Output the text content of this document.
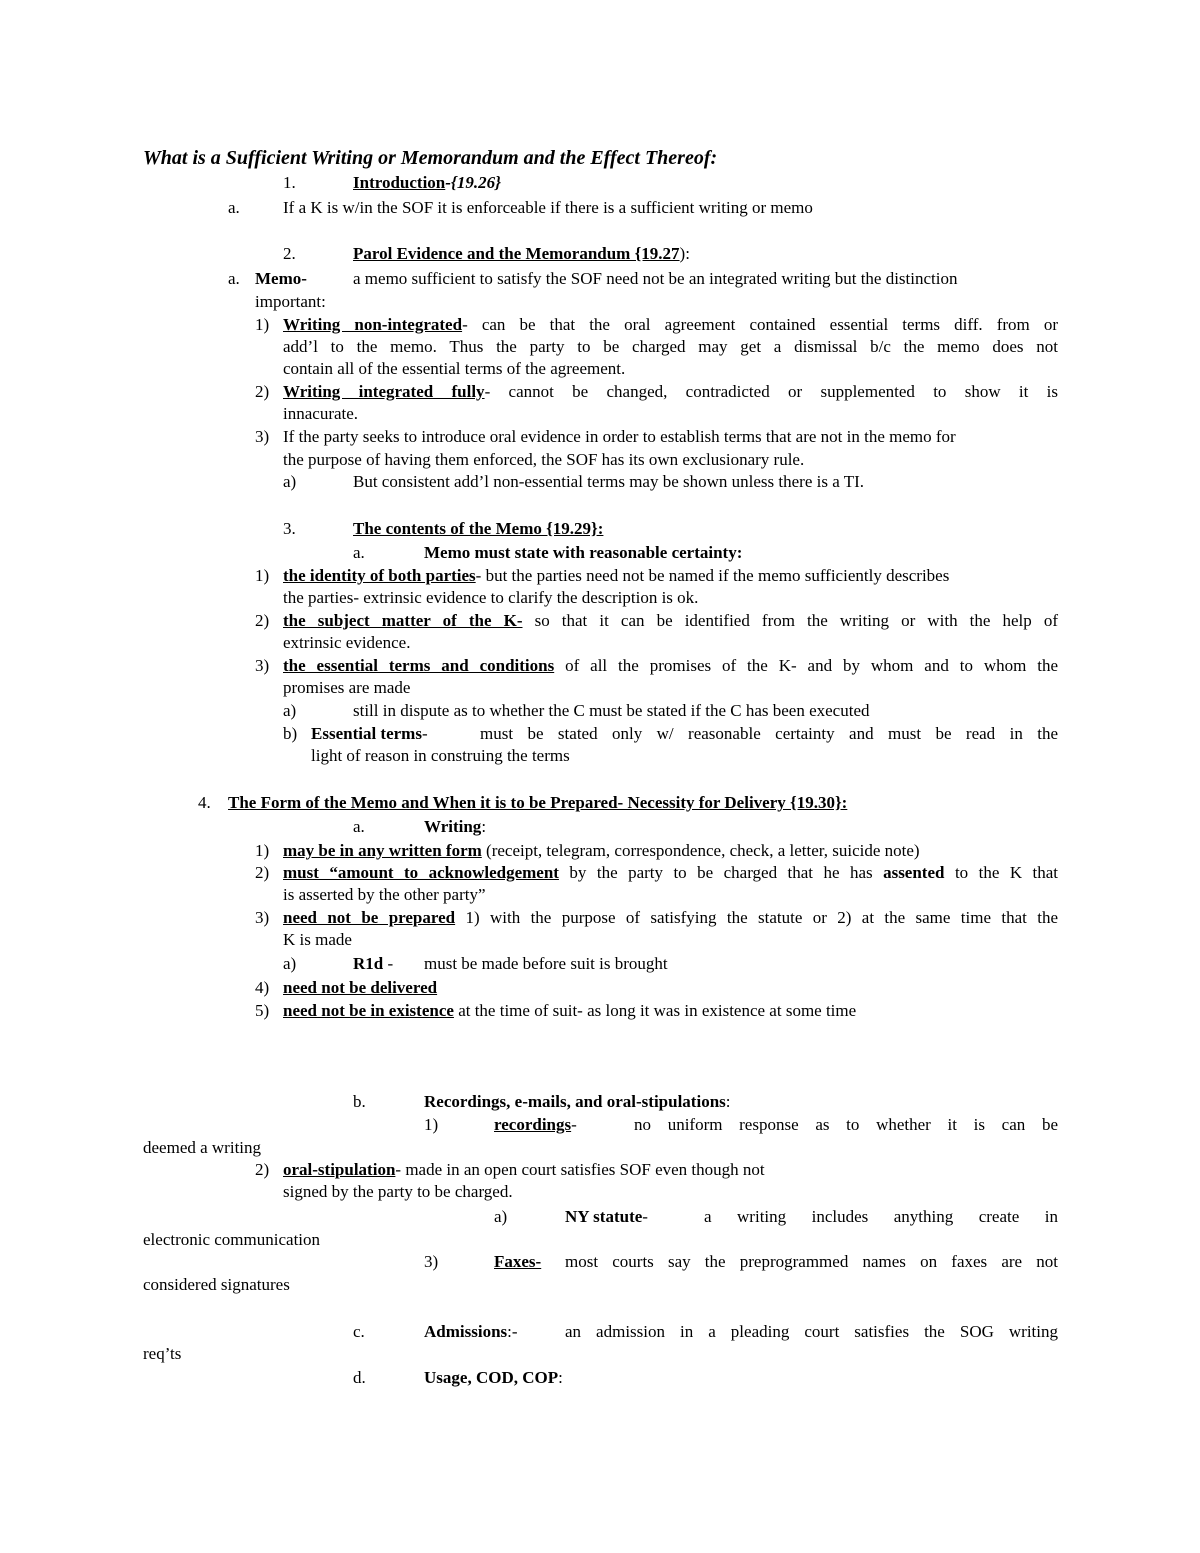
What is a Sufficient Writing or Memorandum and the Effect Thereof:
1.	Introduction-{19.26}
a.	If a K is w/in the SOF it is enforceable if there is a sufficient writing or memo
2.	Parol Evidence and the Memorandum {19.27):
a. Memo-	a memo sufficient to satisfy the SOF need not be an integrated writing but the distinction
important:
1) Writing non-integrated- can be that the oral agreement contained essential terms diff. from or
add’l to the memo. Thus the party to be charged may get a dismissal b/c the memo does not
contain all of the essential terms of the agreement.
2) Writing integrated fully- cannot be changed, contradicted or supplemented to show it is
innacurate.
3) If the party seeks to introduce oral evidence in order to establish terms that are not in the memo for
the purpose of having them enforced, the SOF has its own exclusionary rule.
a)	But consistent add’l non-essential terms may be shown unless there is a TI.
3.	The contents of the Memo {19.29}:
a.	Memo must state with reasonable certainty:
1) the identity of both parties- but the parties need not be named if the memo sufficiently describes
the parties- extrinsic evidence to clarify the description is ok.
2) the subject matter of the K- so that it can be identified from the writing or with the help of
extrinsic evidence.
3) the essential terms and conditions of all the promises of the K- and by whom and to whom the
promises are made
a)	still in dispute as to whether the C must be stated if the C has been executed
b) Essential terms-	must be stated only w/ reasonable certainty and must be read in the
light of reason in construing the terms
4. The Form of the Memo and When it is to be Prepared- Necessity for Delivery {19.30}:
a.	Writing:
1) may be in any written form (receipt, telegram, correspondence, check, a letter, suicide note)
2) must “amount to acknowledgement by the party to be charged that he has assented to the K that
is asserted by the other party”
3) need not be prepared 1) with the purpose of satisfying the statute or 2) at the same time that the
K is made
a)	R1d - must be made before suit is brought
4) need not be delivered
5) need not be in existence at the time of suit- as long it was in existence at some time
b.	Recordings, e-mails, and oral-stipulations:
1)	recordings-	no uniform response as to whether it is can be
deemed a writing
2) oral-stipulation- made in an open court satisfies SOF even though not
signed by the party to be charged.
a)	NY statute-	a writing includes anything create in
electronic communication
3)	Faxes- most courts say the preprogrammed names on faxes are not
considered signatures
c.	Admissions:-	an admission in a pleading court satisfies the SOG writing
req’ts
d.	Usage, COD, COP:
